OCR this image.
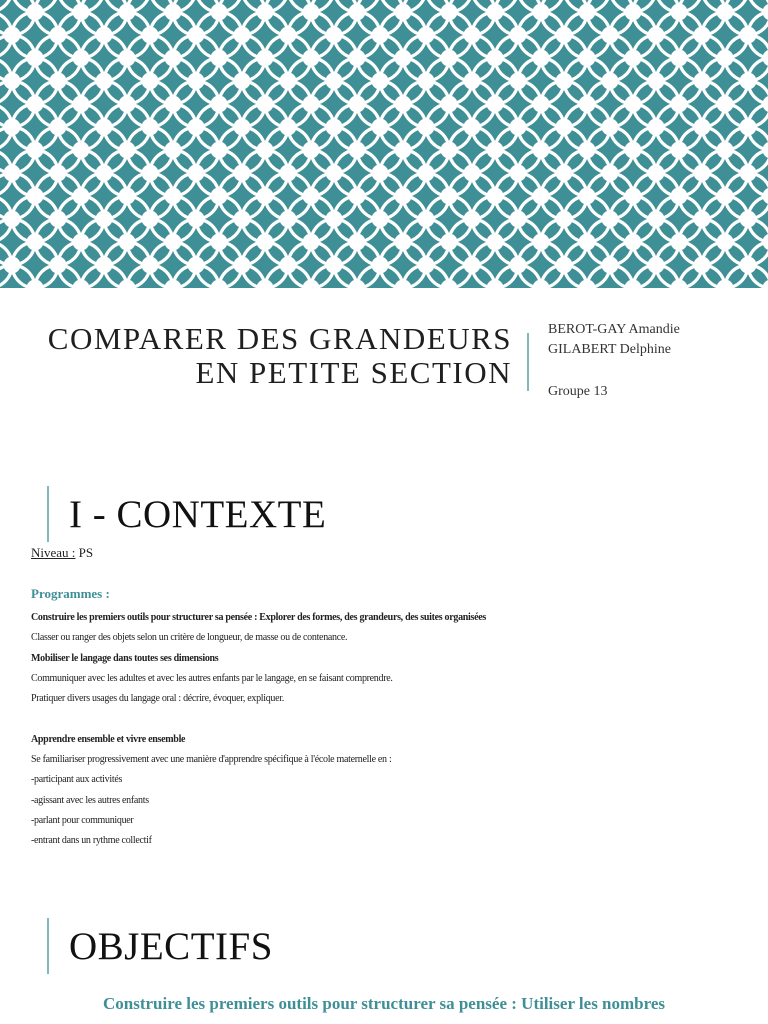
COMPARER DES GRANDEURS
EN PETITE SECTION
BEROT-GAY Amandie
GILABERT Delphine
Groupe 13
I - CONTEXTE
Niveau : PS
Programmes :
Construire les premiers outils pour structurer sa pensée : Explorer des formes, des grandeurs, des suites organisées
Classer ou ranger des objets selon un critère de longueur, de masse ou de contenance.
Mobiliser le langage dans toutes ses dimensions
Communiquer avec les adultes et avec les autres enfants par le langage, en se faisant comprendre.
Pratiquer divers usages du langage oral : décrire, évoquer, expliquer.
Apprendre ensemble et vivre ensemble
Se familiariser progressivement avec une manière d'apprendre spécifique à l'école maternelle en :
-participant aux activités
-agissant avec les autres enfants
-parlant pour communiquer
-entrant dans un rythme collectif
OBJECTIFS
Construire les premiers outils pour structurer sa pensée : Utiliser les nombres
